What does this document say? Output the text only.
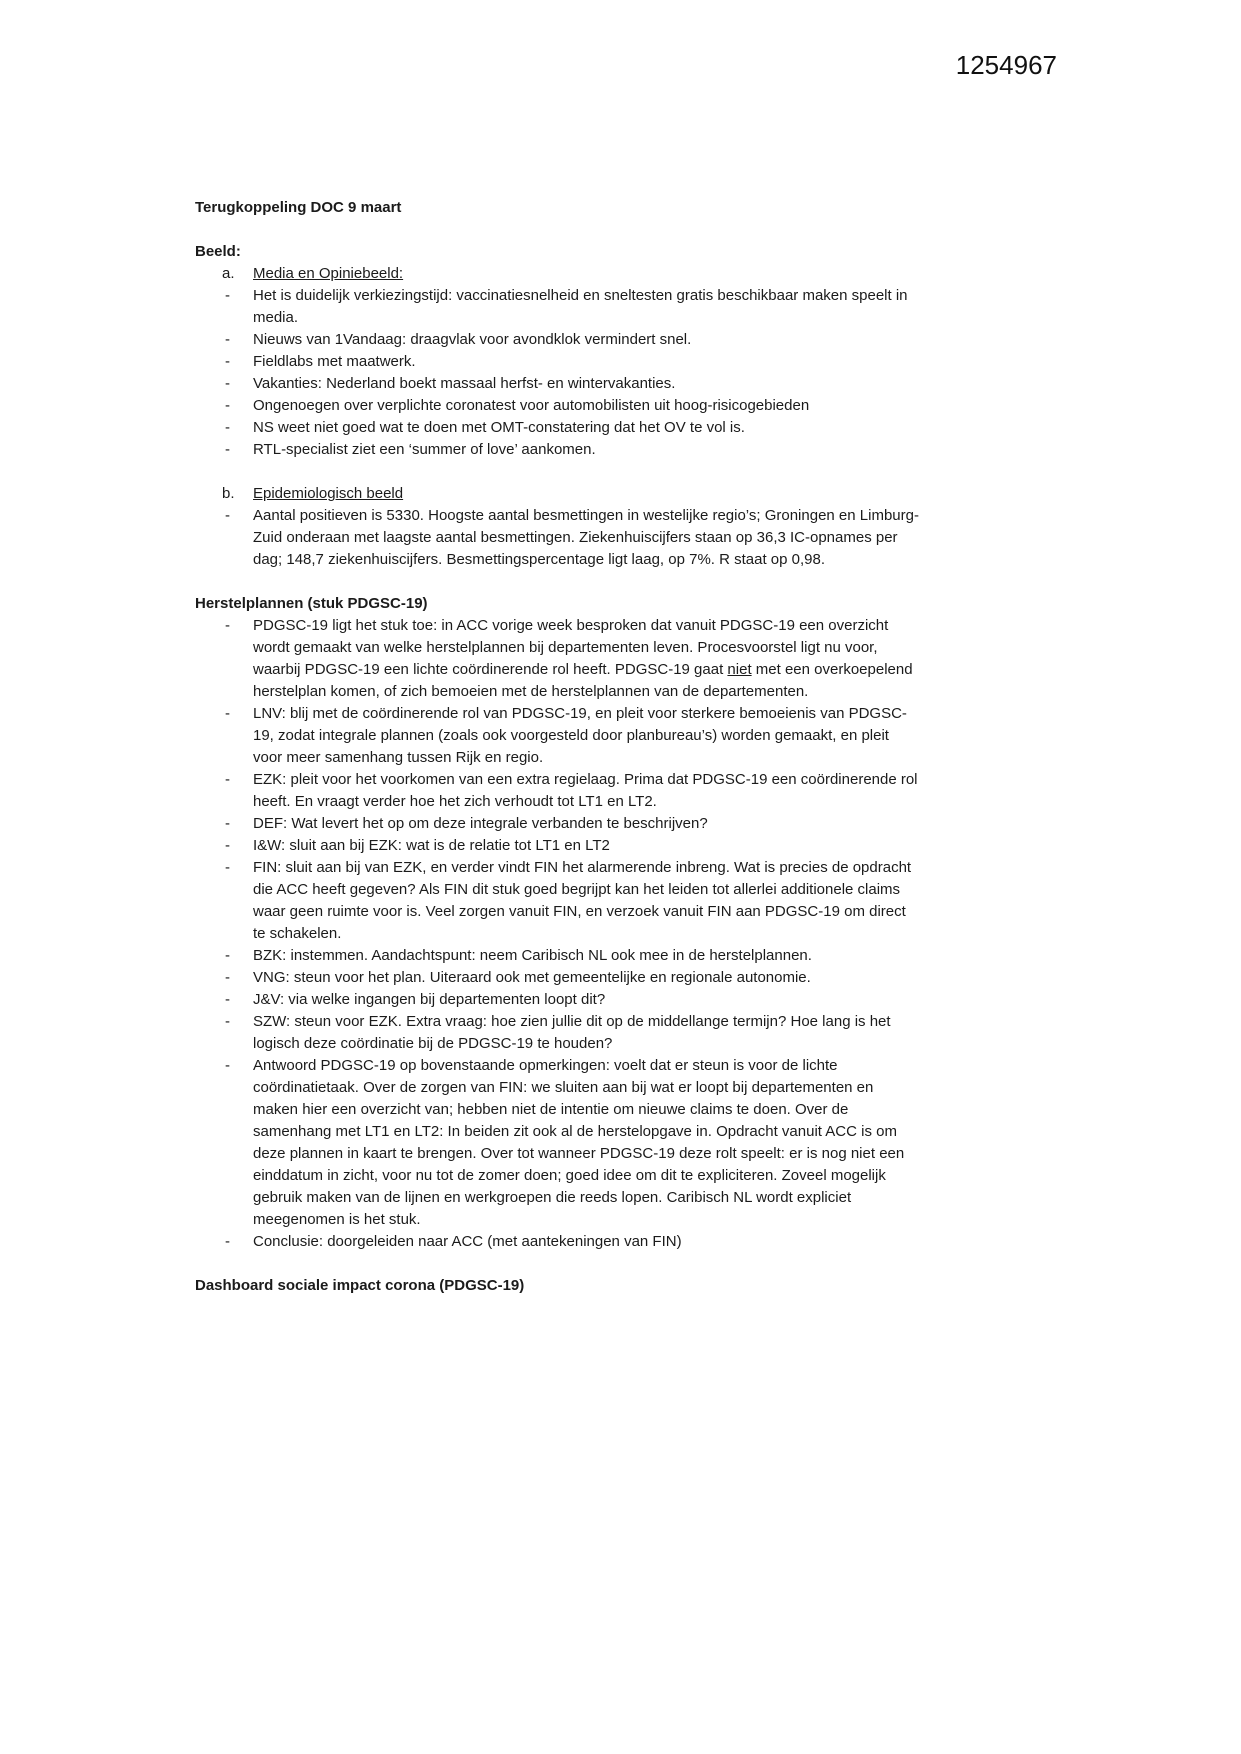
1254967
Terugkoppeling DOC 9 maart
Beeld:
a.	Media en Opiniebeeld:
-	Het is duidelijk verkiezingstijd: vaccinatiesnelheid en sneltesten gratis beschikbaar maken speelt in media.
-	Nieuws van 1Vandaag: draagvlak voor avondklok vermindert snel.
-	Fieldlabs met maatwerk.
-	Vakanties: Nederland boekt massaal herfst- en wintervakanties.
-	Ongenoegen over verplichte coronatest voor automobilisten uit hoog-risicogebieden
-	NS weet niet goed wat te doen met OMT-constatering dat het OV te vol is.
-	RTL-specialist ziet een ‘summer of love’ aankomen.
b.	Epidemiologisch beeld
-	Aantal positieven is 5330. Hoogste aantal besmettingen in westelijke regio’s; Groningen en Limburg-Zuid onderaan met laagste aantal besmettingen. Ziekenhuiscijfers staan op 36,3 IC-opnames per dag; 148,7 ziekenhuiscijfers. Besmettingspercentage ligt laag, op 7%. R staat op 0,98.
Herstelplannen (stuk PDGSC-19)
-	PDGSC-19 ligt het stuk toe: in ACC vorige week besproken dat vanuit PDGSC-19 een overzicht wordt gemaakt van welke herstelplannen bij departementen leven. Procesvoorstel ligt nu voor, waarbij PDGSC-19 een lichte coördinerende rol heeft. PDGSC-19 gaat niet met een overkoepelend herstelplan komen, of zich bemoeien met de herstelplannen van de departementen.
-	LNV: blij met de coördinerende rol van PDGSC-19, en pleit voor sterkere bemoeienis van PDGSC-19, zodat integrale plannen (zoals ook voorgesteld door planbureau’s) worden gemaakt, en pleit voor meer samenhang tussen Rijk en regio.
-	EZK: pleit voor het voorkomen van een extra regielaag. Prima dat PDGSC-19 een coördinerende rol heeft. En vraagt verder hoe het zich verhoudt tot LT1 en LT2.
-	DEF: Wat levert het op om deze integrale verbanden te beschrijven?
-	I&W: sluit aan bij EZK: wat is de relatie tot LT1 en LT2
-	FIN: sluit aan bij van EZK, en verder vindt FIN het alarmerende inbreng. Wat is precies de opdracht die ACC heeft gegeven? Als FIN dit stuk goed begrijpt kan het leiden tot allerlei additionele claims waar geen ruimte voor is. Veel zorgen vanuit FIN, en verzoek vanuit FIN aan PDGSC-19 om direct te schakelen.
-	BZK: instemmen. Aandachtspunt: neem Caribisch NL ook mee in de herstelplannen.
-	VNG: steun voor het plan. Uiteraard ook met gemeentelijke en regionale autonomie.
-	J&V: via welke ingangen bij departementen loopt dit?
-	SZW: steun voor EZK. Extra vraag: hoe zien jullie dit op de middellange termijn? Hoe lang is het logisch deze coördinatie bij de PDGSC-19 te houden?
-	Antwoord PDGSC-19 op bovenstaande opmerkingen: voelt dat er steun is voor de lichte coördinatietaak. Over de zorgen van FIN: we sluiten aan bij wat er loopt bij departementen en maken hier een overzicht van; hebben niet de intentie om nieuwe claims te doen. Over de samenhang met LT1 en LT2: In beiden zit ook al de herstelopgave in. Opdracht vanuit ACC is om deze plannen in kaart te brengen. Over tot wanneer PDGSC-19 deze rolt speelt: er is nog niet een einddatum in zicht, voor nu tot de zomer doen; goed idee om dit te expliciteren. Zoveel mogelijk gebruik maken van de lijnen en werkgroepen die reeds lopen. Caribisch NL wordt expliciet meegenomen is het stuk.
-	Conclusie: doorgeleiden naar ACC (met aantekeningen van FIN)
Dashboard sociale impact corona (PDGSC-19)
